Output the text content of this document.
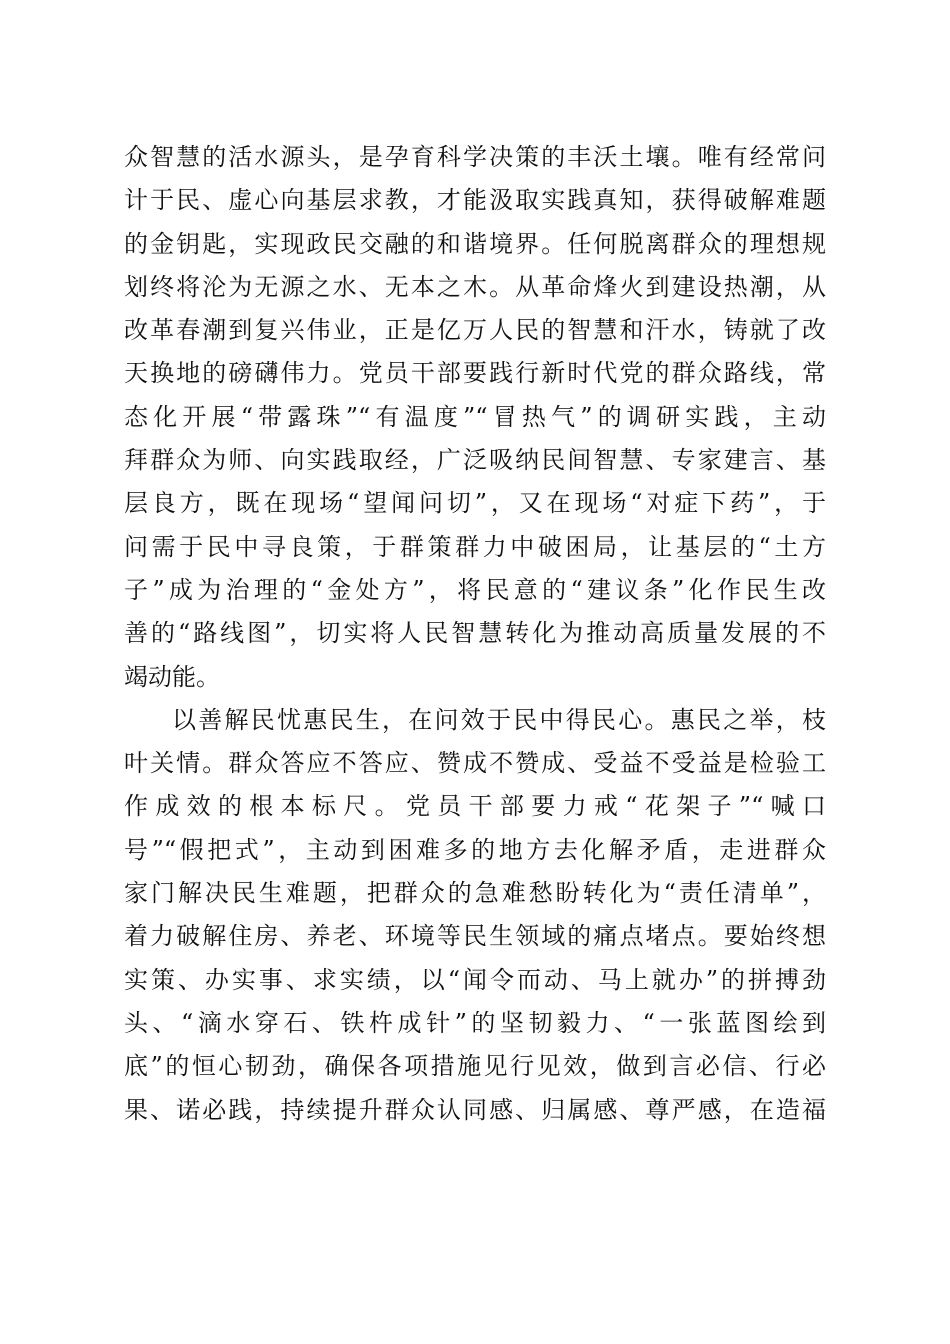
众智慧的活水源头，是孕育科学决策的丰沃土壤。唯有经常问
计于民、虚心向基层求教，才能汲取实践真知，获得破解难题
的金钥匙，实现政民交融的和谐境界。任何脱离群众的理想规
划终将沦为无源之水、无本之木。从革命烽火到建设热潮，从
改革春潮到复兴伟业，正是亿万人民的智慧和汗水，铸就了改
天换地的磅礴伟力。党员干部要践行新时代党的群众路线，常
态化开展“带露珠”“有温度”“冒热气”的调研实践，主动
拜群众为师、向实践取经，广泛吸纳民间智慧、专家建言、基
层良方，既在现场“望闻问切”，又在现场“对症下药”，于
问需于民中寻良策，于群策群力中破困局，让基层的“土方
子”成为治理的“金处方”，将民意的“建议条”化作民生改
善的“路线图”，切实将人民智慧转化为推动高质量发展的不
竭动能。
以善解民忧惠民生，在问效于民中得民心。惠民之举，枝
叶关情。群众答应不答应、赞成不赞成、受益不受益是检验工
作成效的根本标尺。党员干部要力戒“花架子”“喊口
号”“假把式”，主动到困难多的地方去化解矛盾，走进群众
家门解决民生难题，把群众的急难愁盼转化为“责任清单”，
着力破解住房、养老、环境等民生领域的痛点堵点。要始终想
实策、办实事、求实绩，以“闻令而动、马上就办”的拼搏劲
头、“滴水穿石、铁杵成针”的坚韧毅力、“一张蓝图绘到
底”的恒心韧劲，确保各项措施见行见效，做到言必信、行必
果、诺必践，持续提升群众认同感、归属感、尊严感，在造福
